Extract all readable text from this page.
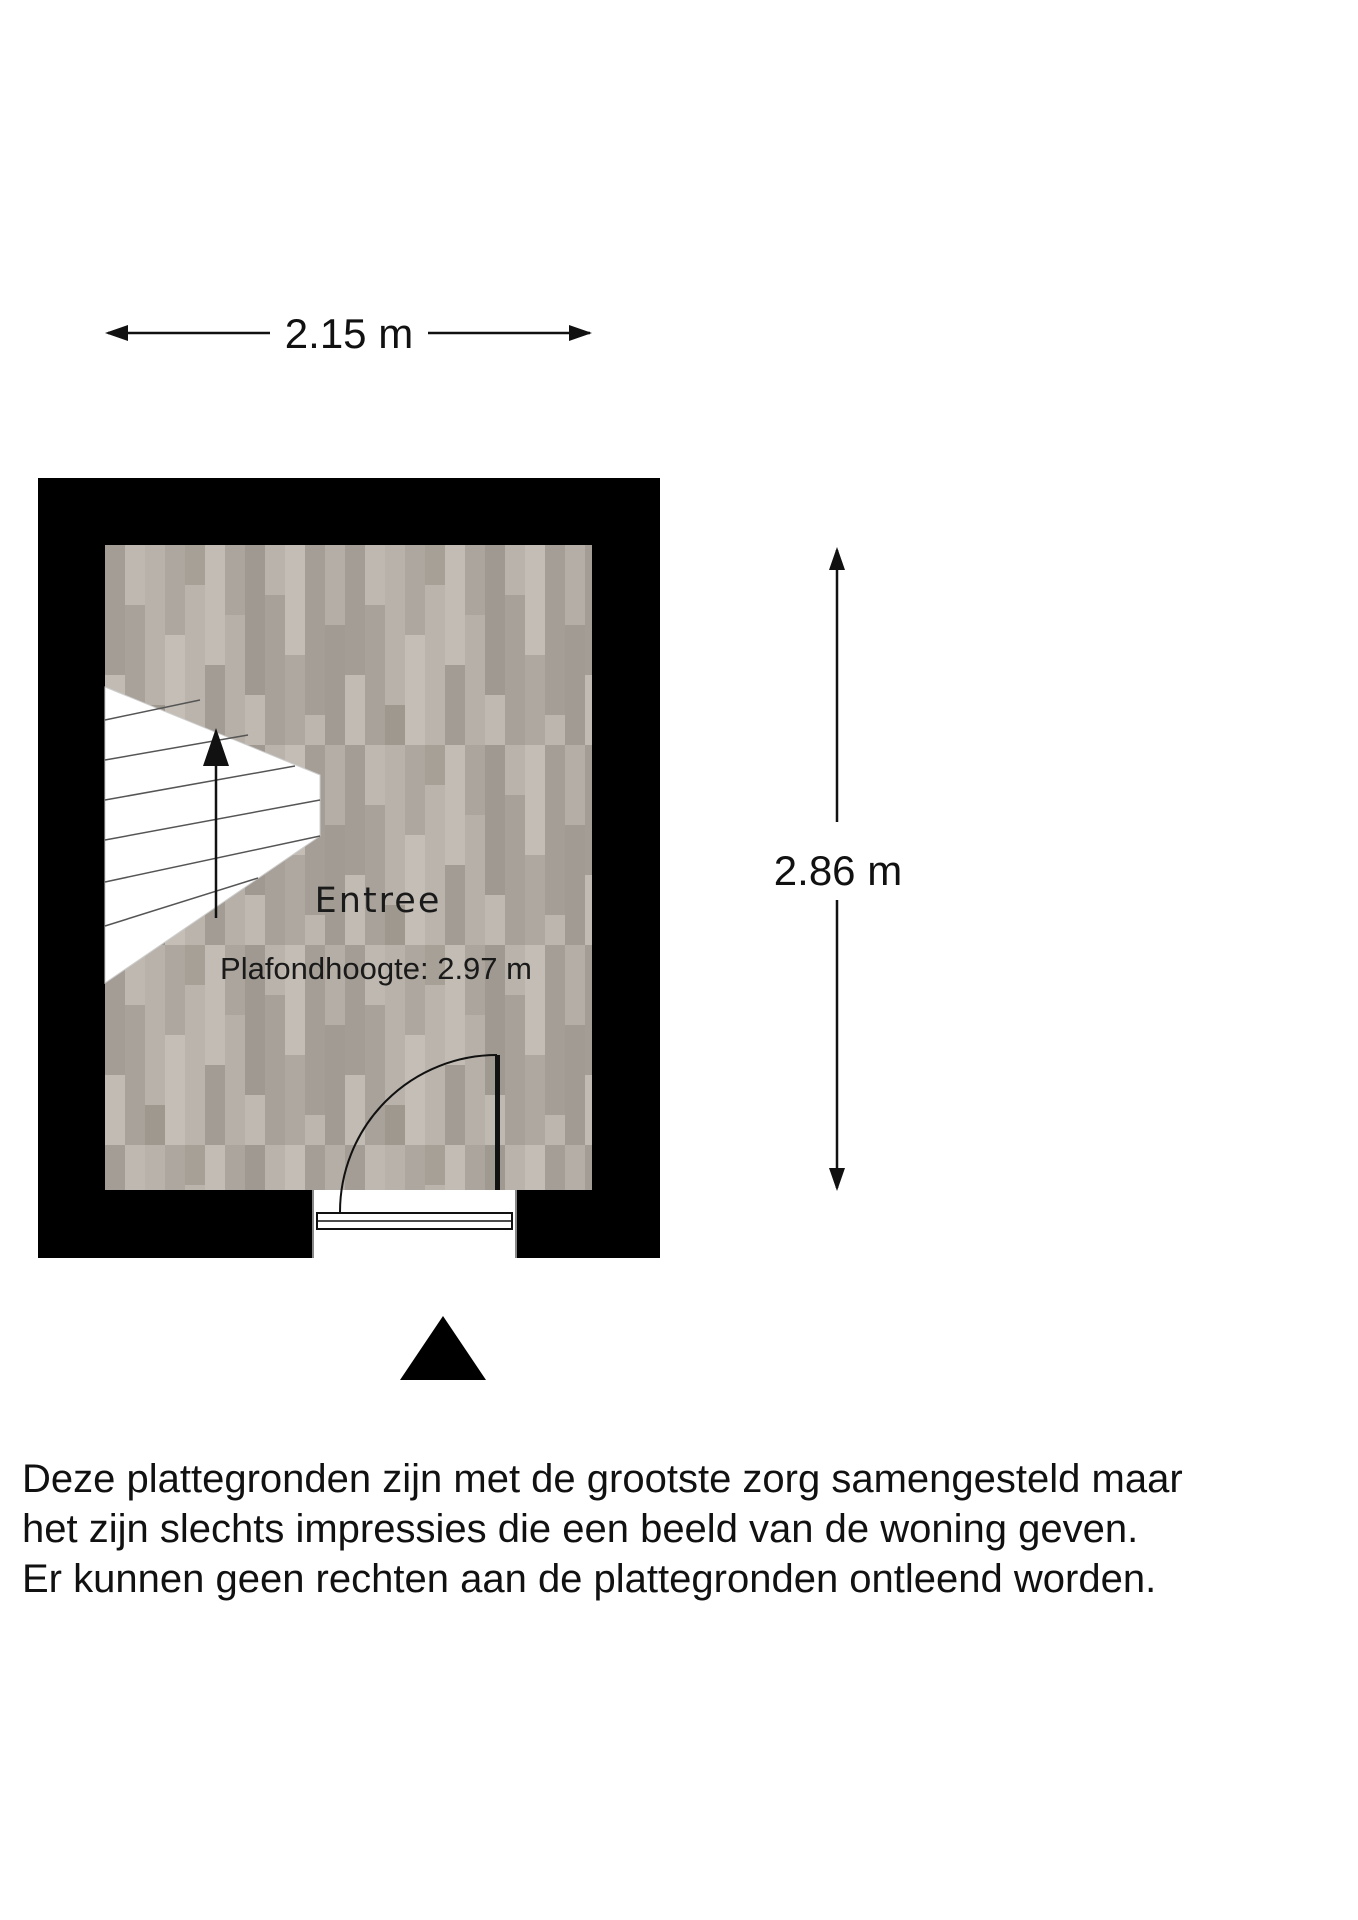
2.15 m
Entree
Plafondhoogte: 2.97 m
2.86 m
Deze plattegronden zijn met de grootste zorg samengesteld maar
het zijn slechts impressies die een beeld van de woning geven.
Er kunnen geen rechten aan de plattegronden ontleend worden.
